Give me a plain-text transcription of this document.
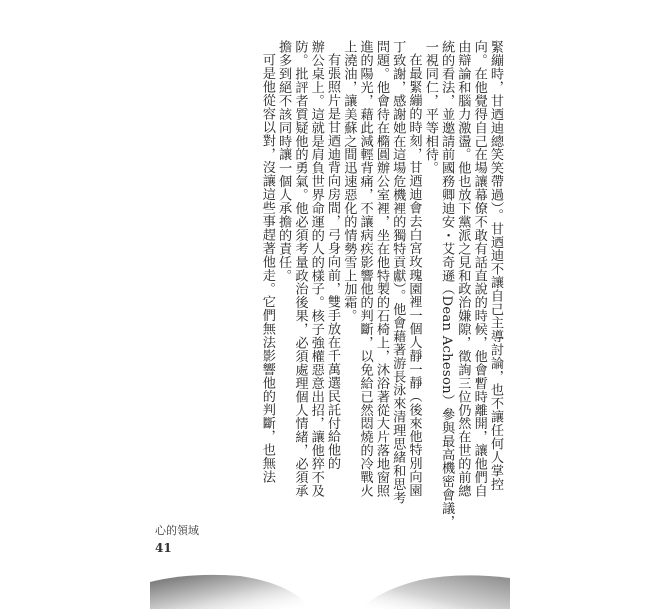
緊繃時，甘迺迪總笑笑帶過）。甘迺迪不讓自己主導討論，也不讓任何人掌控

向。在他覺得自己在場讓幕僚不敢有話直說的時候，他會暫時離開，讓他們自

由辯論和腦力激盪。他也放下黨派之見和政治嫌隙，徵詢三位仍然在世的前總

統的看法，並邀請前國務卿迪安・艾奇遜（Dean Acheson）參與最高機密會議，

一視同仁，平等相待。

在最緊繃的時刻，甘迺迪會去白宮玫瑰園裡一個人靜一靜（後來他特別向園

丁致謝，感謝她在這場危機裡的獨特貢獻）。他會藉著游長泳來清理思緒和思考

問題。他會待在橢圓辦公室裡，坐在他特製的石椅上，沐浴著從大片落地窗照

進的陽光，藉此減輕背痛，不讓病疾影響他的判斷，以免給已然悶燒的冷戰火

上澆油，讓美蘇之間迅速惡化的情勢雪上加霜。

有張照片是甘迺迪背向房間，弓身向前，雙手放在千萬選民託付給他的

辦公桌上。這就是肩負世界命運的人的樣子。核子強權惡意出招，讓他猝不及

防。批評者質疑他的勇氣。他必須考量政治後果，必須處理個人情緒，必須承

擔多到絕不該同時讓一個人承擔的責任。

可是他從容以對，沒讓這些事趕著他走。它們無法影響他的判斷，也無法

心的領域
41
